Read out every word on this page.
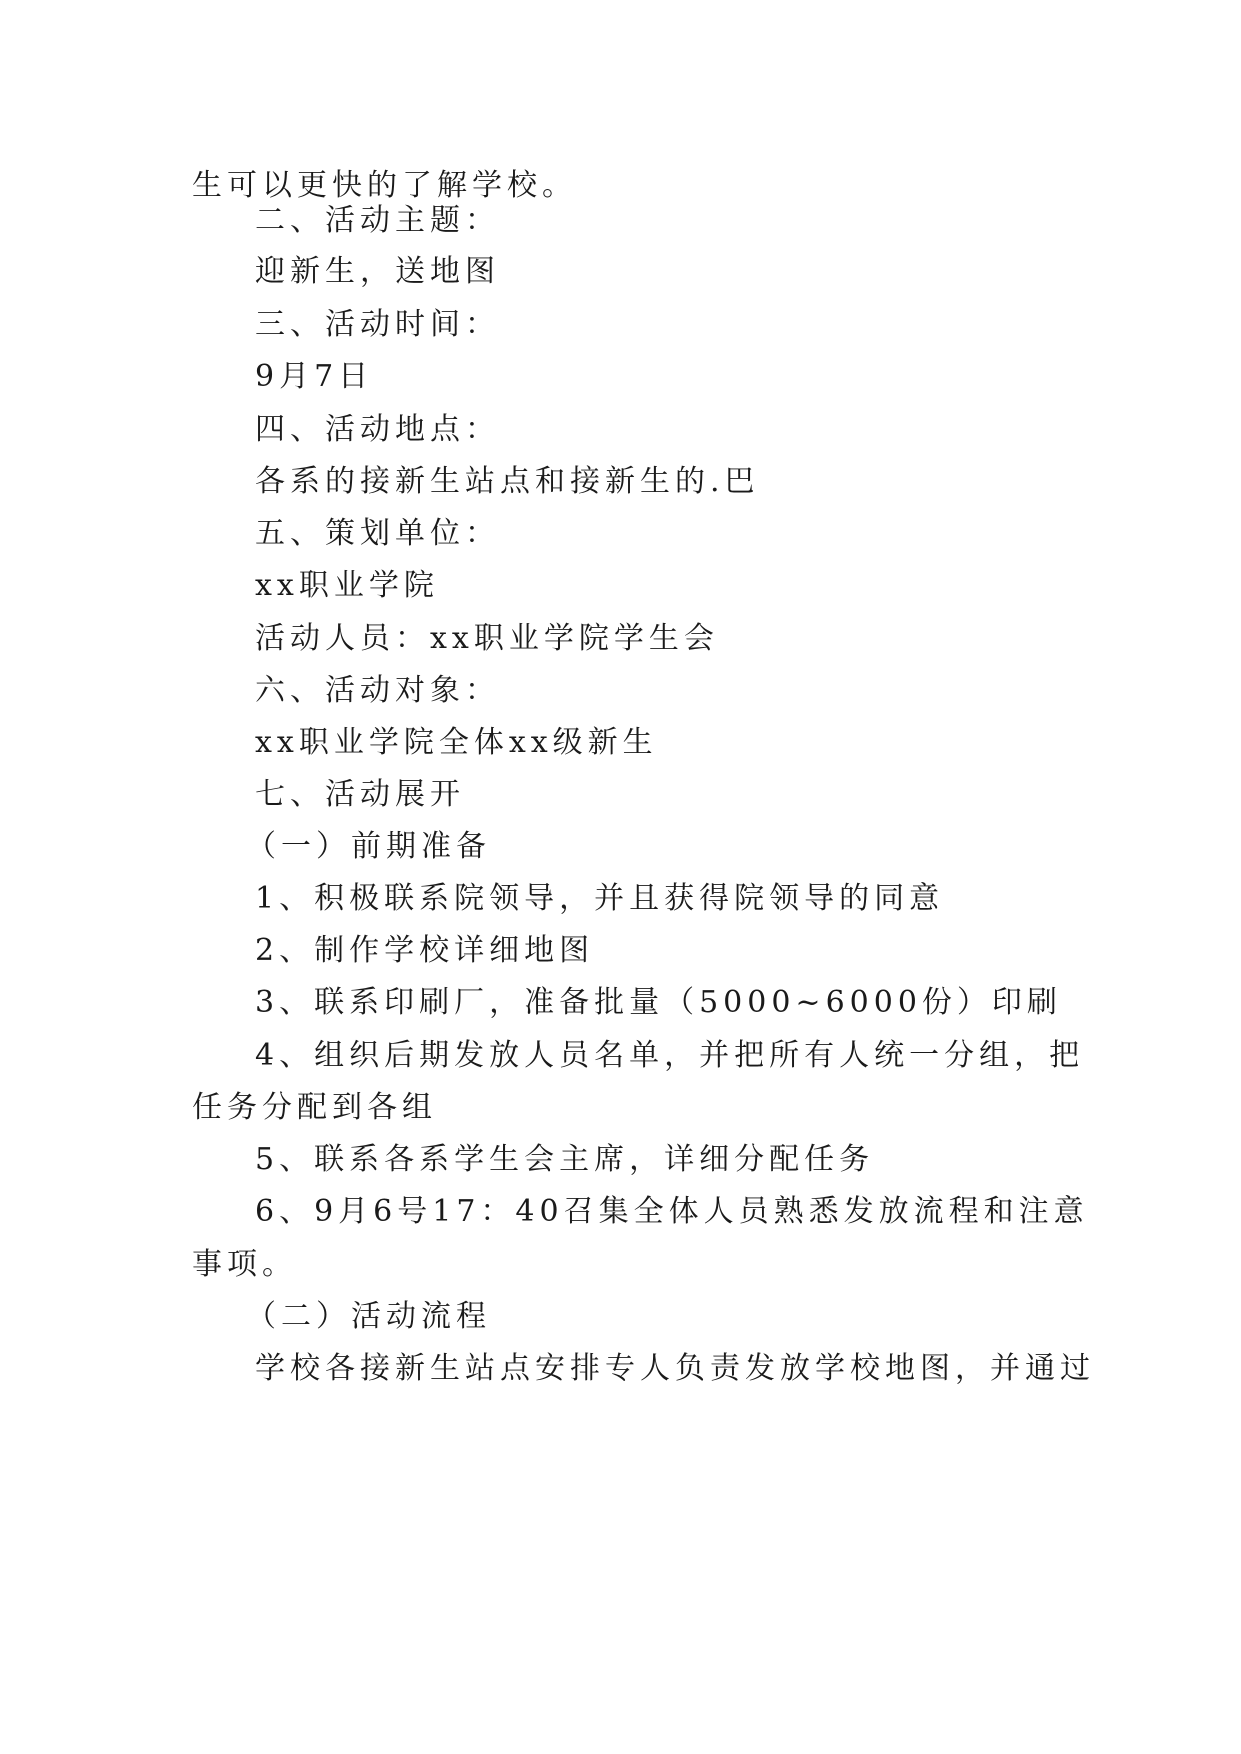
生可以更快的了解学校。
二、活动主题：
迎新生，送地图
三、活动时间：
9月7日
四、活动地点：
各系的接新生站点和接新生的.巴
五、策划单位：
xx职业学院
活动人员：xx职业学院学生会
六、活动对象：
xx职业学院全体xx级新生
七、活动展开
（一）前期准备
1、积极联系院领导，并且获得院领导的同意
2、制作学校详细地图
3、联系印刷厂，准备批量（5000~6000份）印刷
4、组织后期发放人员名单，并把所有人统一分组，把
任务分配到各组
5、联系各系学生会主席，详细分配任务
6、9月6号17：40召集全体人员熟悉发放流程和注意
事项。
（二）活动流程
学校各接新生站点安排专人负责发放学校地图，并通过
